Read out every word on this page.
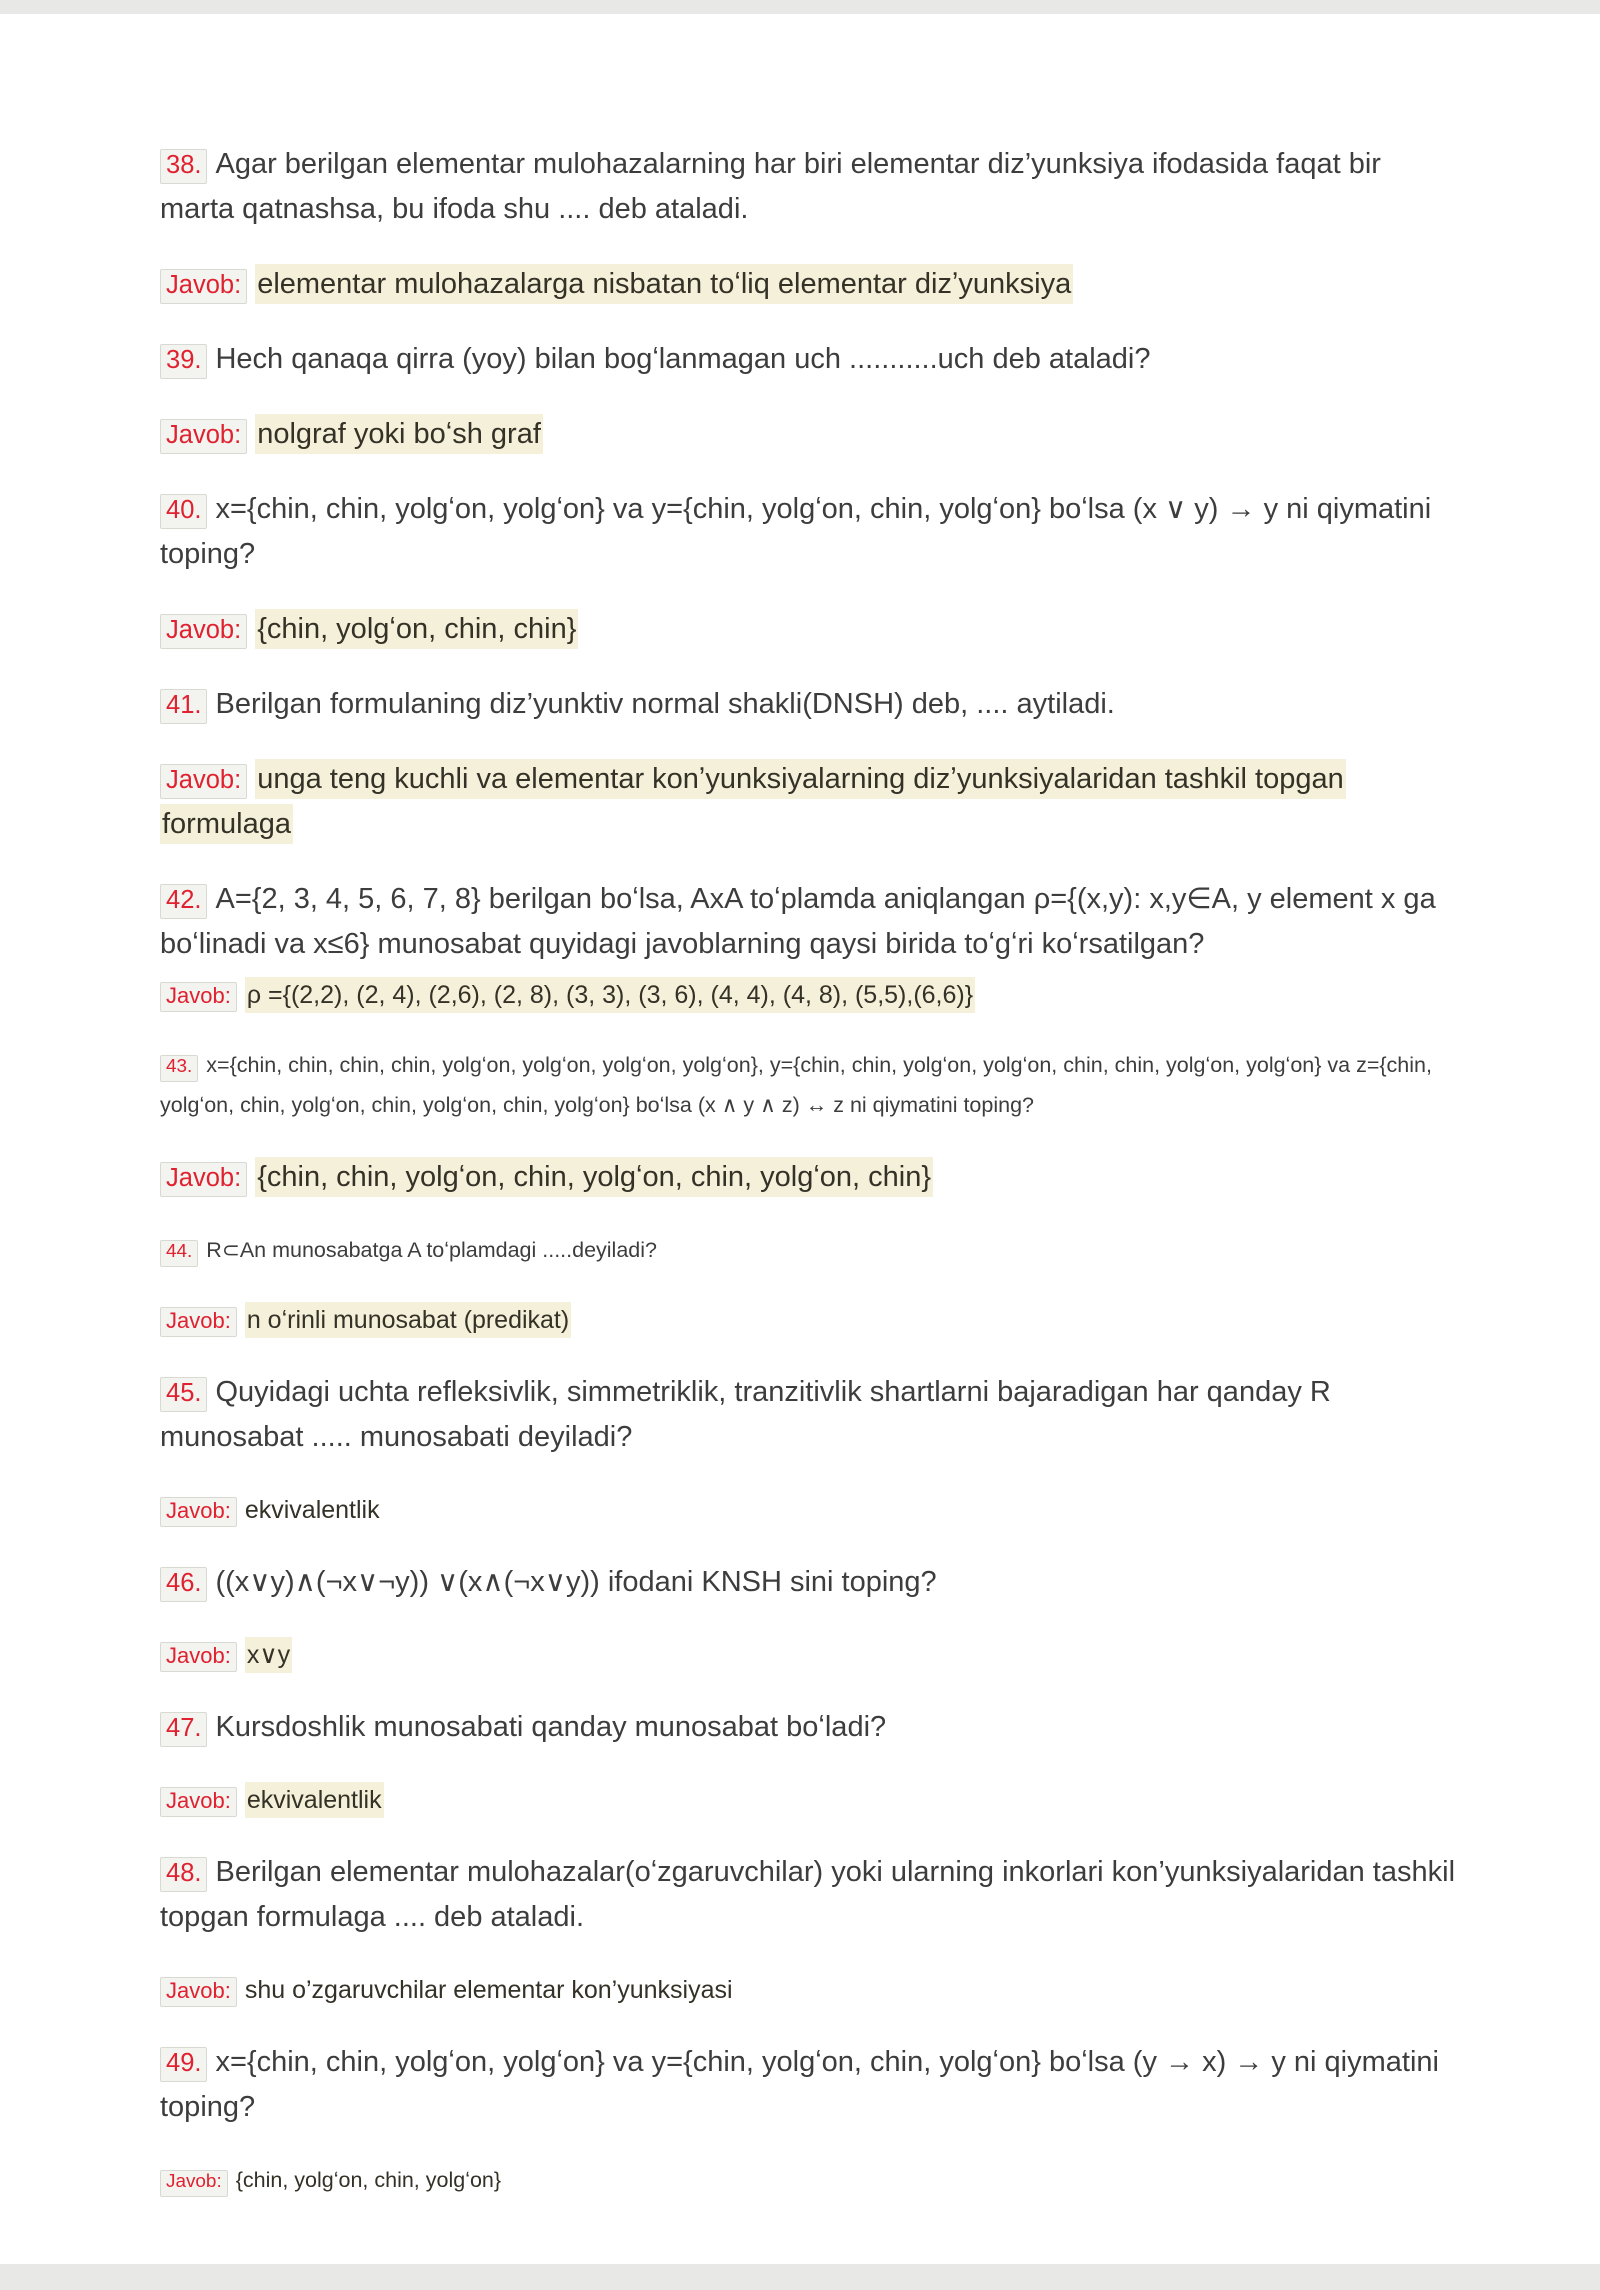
38. Agar berilgan elementar mulohazalarning har biri elementar diz’yunksiya ifodasida faqat bir marta qatnashsa, bu ifoda shu .... deb ataladi.

Javob: elementar mulohazalarga nisbatan toʻliq elementar dizʼyunksiya

39. Hech qanaqa qirra (yoy) bilan bogʻlanmagan uch ...........uch deb ataladi?

Javob: nolgraf yoki boʻsh graf

40. x={chin, chin, yolgʻon, yolgʻon} va y={chin, yolgʻon, chin, yolgʻon} boʻlsa (x ∨ y) → y ni qiymatini toping?

Javob: {chin, yolgʻon, chin, chin}

41. Berilgan formulaning diz’yunktiv normal shakli(DNSH) deb, .... aytiladi.

Javob: unga teng kuchli va elementar konʼyunksiyalarning dizʼyunksiyalaridan tashkil topgan formulaga

42. A={2, 3, 4, 5, 6, 7, 8} berilgan boʻlsa, AxA toʻplamda aniqlangan ρ={(x,y): x,y∈A, y element x ga boʻlinadi va x≤6} munosabat quyidagi javoblarning qaysi birida toʻgʻri koʻrsatilgan?

Javob: ρ ={(2,2), (2, 4), (2,6), (2, 8), (3, 3), (3, 6), (4, 4), (4, 8), (5,5),(6,6)}

43. x={chin, chin, chin, chin, yolgʻon, yolgʻon, yolgʻon, yolgʻon}, y={chin, chin, yolgʻon, yolgʻon, chin, chin, yolgʻon, yolgʻon} va z={chin, yolgʻon, chin, yolgʻon, chin, yolgʻon, chin, yolgʻon} boʻlsa (x ∧ y ∧ z) ↔ z ni qiymatini toping?

Javob: {chin, chin, yolgʻon, chin, yolgʻon, chin, yolgʻon, chin}

44. R⊂An munosabatga A toʻplamdagi .....deyiladi?

Javob: n oʻrinli munosabat (predikat)

45. Quyidagi uchta refleksivlik, simmetriklik, tranzitivlik shartlarni bajaradigan har qanday R munosabat ..... munosabati deyiladi?

Javob: ekvivalentlik

46. ((x∨y)∧(¬x∨¬y)) ∨(x∧(¬x∨y)) ifodani KNSH sini toping?

Javob: x∨y

47. Kursdoshlik munosabati qanday munosabat boʻladi?

Javob: ekvivalentlik

48. Berilgan elementar mulohazalar(oʻzgaruvchilar) yoki ularning inkorlari kon’yunksiyalaridan tashkil topgan formulaga .... deb ataladi.

Javob: shu o’zgaruvchilar elementar kon’yunksiyasi

49. x={chin, chin, yolgʻon, yolgʻon} va y={chin, yolgʻon, chin, yolgʻon} boʻlsa (y → x) → y ni qiymatini toping?

Javob: {chin, yolgʻon, chin, yolgʻon}
